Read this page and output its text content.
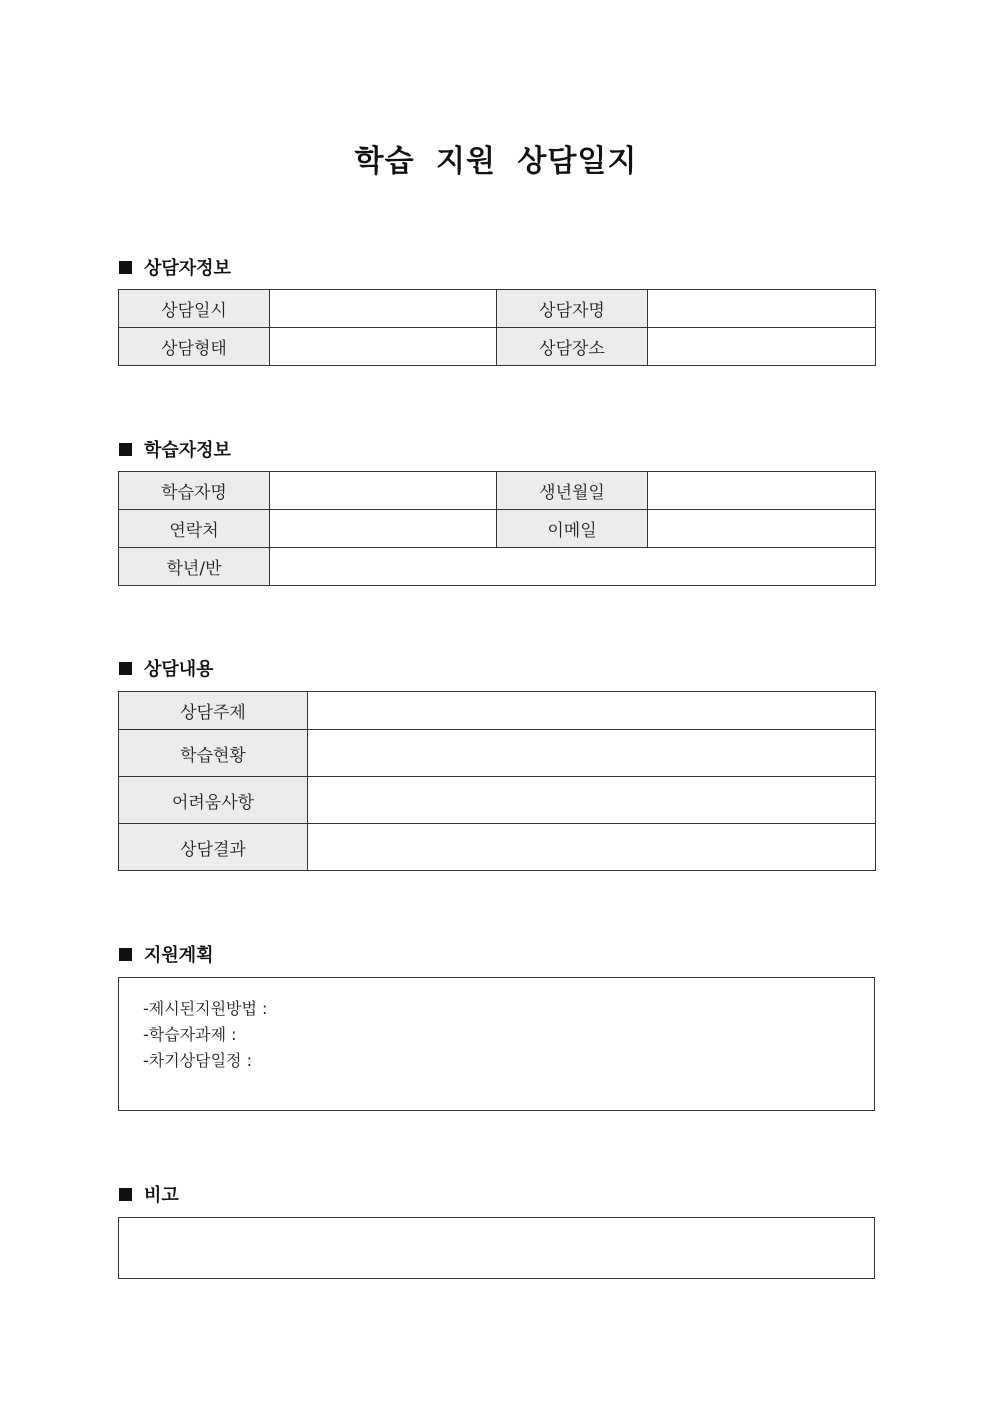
학습 지원 상담일지
상담자정보
상담일시		상담자명	
상담형태		상담장소	
학습자정보
학습자명		생년월일	
연락처		이메일	
학년/반			
상담내용
상담주제	
학습현황	
어려움사항	
상담결과	
지원계획
-제시된지원방법 :
-학습자과제 :
-차기상담일정 :
비고
